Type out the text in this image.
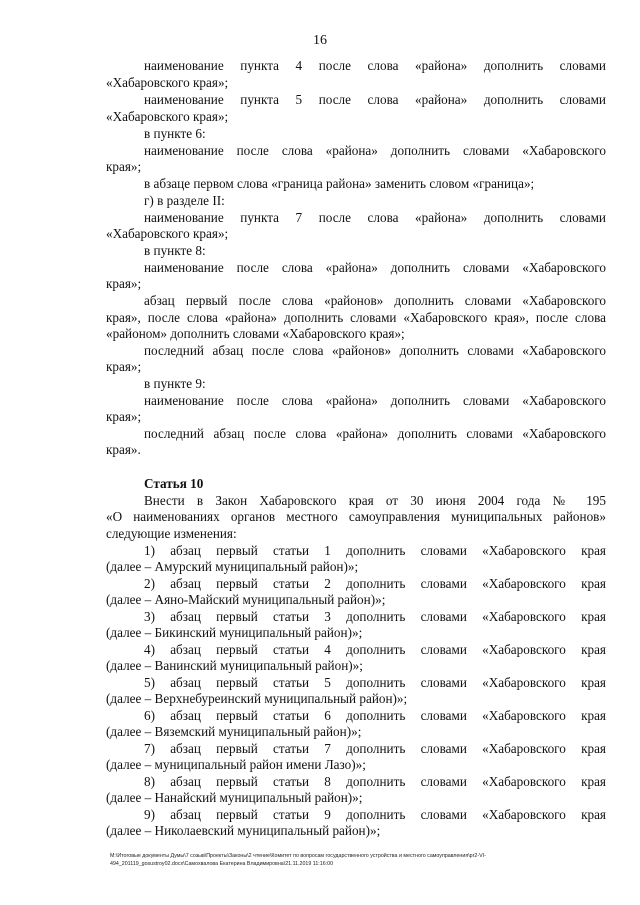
16
наименование пункта 4 после слова «района» дополнить словами
«Хабаровского края»;
наименование пункта 5 после слова «района» дополнить словами
«Хабаровского края»;
в пункте 6:
наименование после слова «района» дополнить словами «Хабаровского
края»;
в абзаце первом слова «граница района» заменить словом «граница»;
г) в разделе II:
наименование пункта 7 после слова «района» дополнить словами
«Хабаровского края»;
в пункте 8:
наименование после слова «района» дополнить словами «Хабаровского
края»;
абзац первый после слова «районов» дополнить словами «Хабаровского
края», после слова «района» дополнить словами «Хабаровского края», после слова
«районом» дополнить словами «Хабаровского края»;
последний абзац после слова «районов» дополнить словами «Хабаровского
края»;
в пункте 9:
наименование после слова «района» дополнить словами «Хабаровского
края»;
последний абзац после слова «района» дополнить словами «Хабаровского
края».
Статья 10
Внести в Закон Хабаровского края от 30 июня 2004 года № 195
«О наименованиях органов местного самоуправления муниципальных районов»
следующие изменения:
1) абзац первый статьи 1 дополнить словами «Хабаровского края
(далее – Амурский муниципальный район)»;
2) абзац первый статьи 2 дополнить словами «Хабаровского края
(далее – Аяно-Майский муниципальный район)»;
3) абзац первый статьи 3 дополнить словами «Хабаровского края
(далее – Бикинский муниципальный район)»;
4) абзац первый статьи 4 дополнить словами «Хабаровского края
(далее – Ванинский муниципальный район)»;
5) абзац первый статьи 5 дополнить словами «Хабаровского края
(далее – Верхнебуреинский муниципальный район)»;
6) абзац первый статьи 6 дополнить словами «Хабаровского края
(далее – Вяземский муниципальный район)»;
7) абзац первый статьи 7 дополнить словами «Хабаровского края
(далее – муниципальный район имени Лазо)»;
8) абзац первый статьи 8 дополнить словами «Хабаровского края
(далее – Нанайский муниципальный район)»;
9) абзац первый статьи 9 дополнить словами «Хабаровского края
(далее – Николаевский муниципальный район)»;
M:\Итоговые документы Думы\7 созыв\Проекты\Законы\2 чтение\Комитет по вопросам государственного устройства и местного самоуправления\pr2-VI-
494_201119_gosustroy02.docx\Самохвалова Екатерина Владимировна\21.11.2019 11:16:00
